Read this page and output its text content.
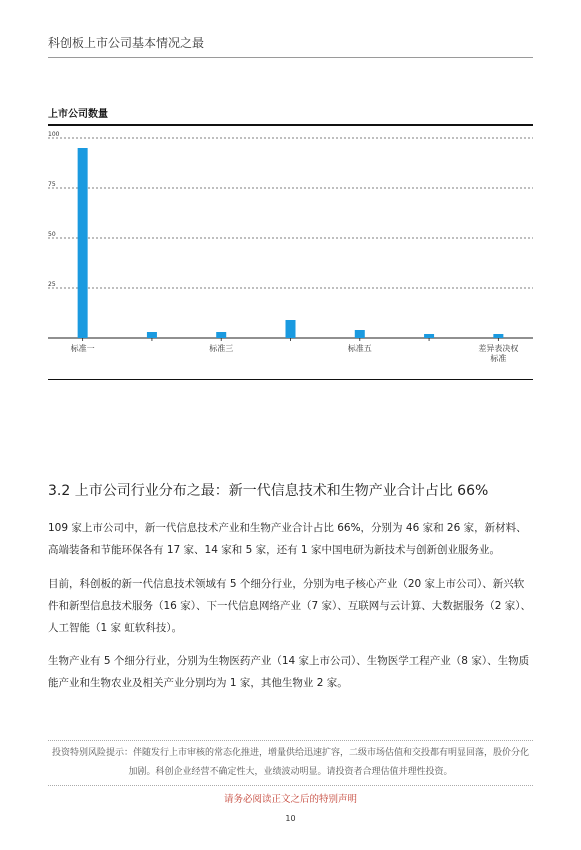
科创板上市公司基本情况之最
上市公司数量
100
75
50
25
标准一	标准三	标准五	差异表决权
标准
3.2 上市公司行业分布之最：新一代信息技术和生物产业合计占比 66%

109 家上市公司中，新一代信息技术产业和生物产业合计占比 66%，分别为 46 家和 26 家，新材料、高端装备和节能环保各有 17 家、14 家和 5 家，还有 1 家中国电研为新技术与创新创业服务业。

目前，科创板的新一代信息技术领域有 5 个细分行业，分别为电子核心产业（20 家上市公司）、新兴软件和新型信息技术服务（16 家）、下一代信息网络产业（7 家）、互联网与云计算、大数据服务（2 家）、人工智能（1 家 虹软科技）。

生物产业有 5 个细分行业，分别为生物医药产业（14 家上市公司）、生物医学工程产业（8 家）、生物质能产业和生物农业及相关产业分别均为 1 家，其他生物业 2 家。

投资特别风险提示：伴随发行上市审核的常态化推进，增量供给迅速扩容，二级市场估值和交投都有明显回落，股价分化加剧。科创企业经营不确定性大，业绩波动明显。请投资者合理估值并理性投资。

请务必阅读正文之后的特别声明
10
